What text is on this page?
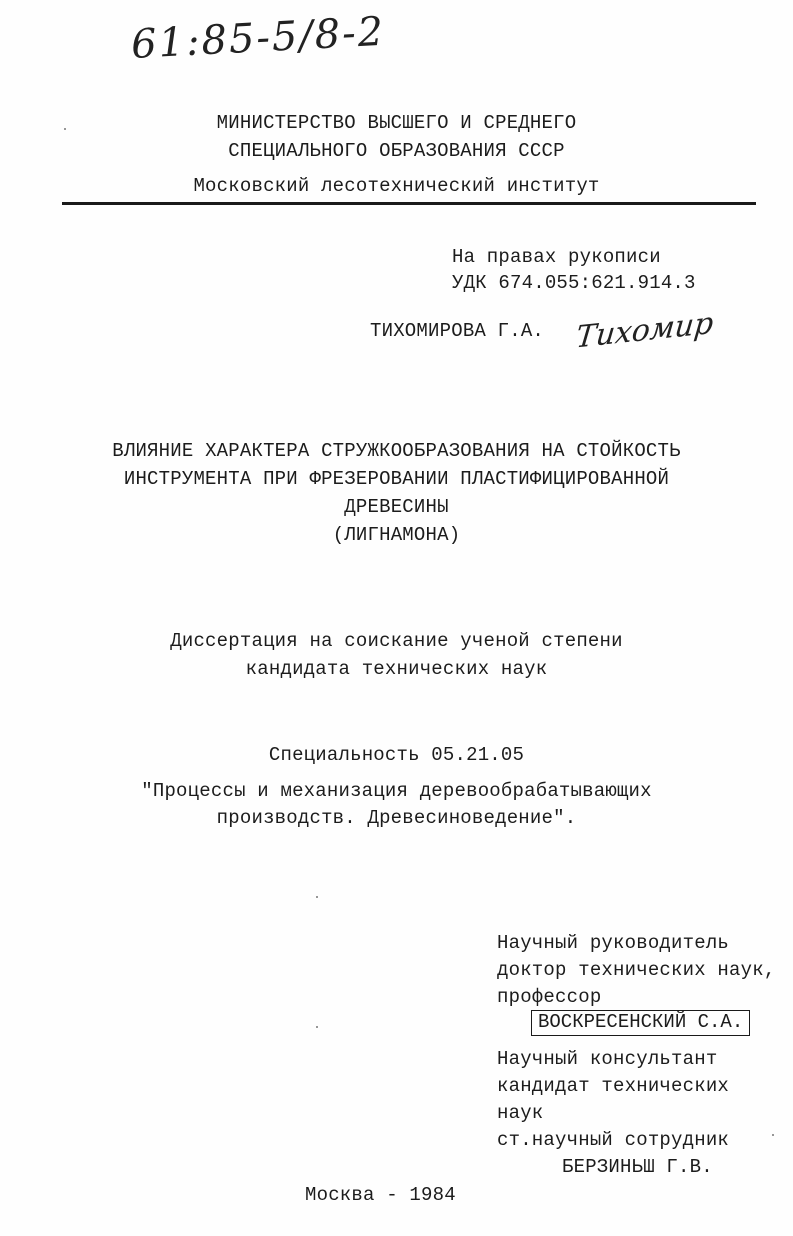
61:85-5/8-2
МИНИСТЕРСТВО ВЫСШЕГО И СРЕДНЕГО
СПЕЦИАЛЬНОГО ОБРАЗОВАНИЯ СССР
Московский лесотехнический институт
На правах рукописи
УДК 674.055:621.914.3
ТИХОМИРОВА Г.А. Тихомир
ВЛИЯНИЕ ХАРАКТЕРА СТРУЖКООБРАЗОВАНИЯ НА СТОЙКОСТЬ
ИНСТРУМЕНТА ПРИ ФРЕЗЕРОВАНИИ ПЛАСТИФИЦИРОВАННОЙ
ДРЕВЕСИНЫ
(ЛИГНАМОНА)
Диссертация на соискание ученой степени
кандидата технических наук
Специальность 05.21.05
"Процессы и механизация деревообрабатывающих
производств. Древесиноведение".
Научный руководитель
доктор технических наук,
профессор
ВОСКРЕСЕНСКИЙ С.А.
Научный консультант
кандидат технических
наук
ст.научный сотрудник
БЕРЗИНЬШ Г.В.
Москва - 1984
